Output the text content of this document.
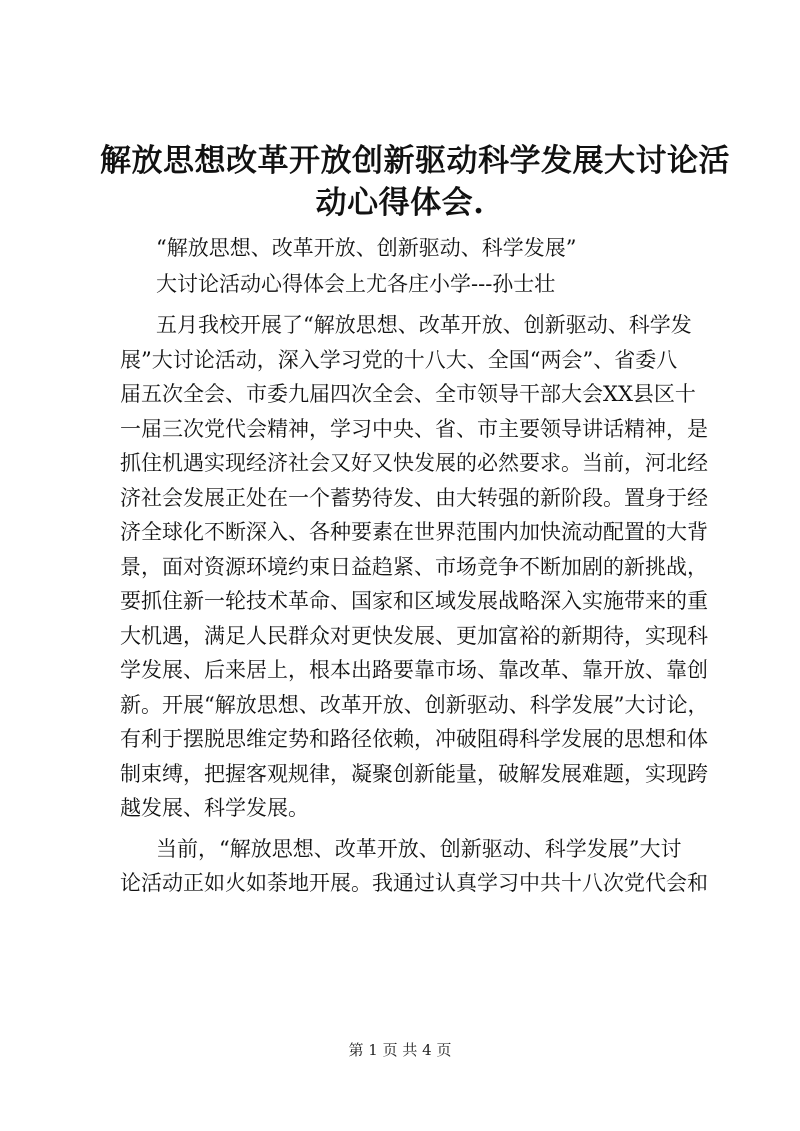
解放思想改革开放创新驱动科学发展大讨论活
动心得体会.
“解放思想、改革开放、创新驱动、科学发展”
大讨论活动心得体会上尤各庄小学---孙士壮
五月我校开展了“解放思想、改革开放、创新驱动、科学发
展”大讨论活动，深入学习党的十八大、全国“两会”、省委八
届五次全会、市委九届四次全会、全市领导干部大会XX县区十
一届三次党代会精神，学习中央、省、市主要领导讲话精神，是
抓住机遇实现经济社会又好又快发展的必然要求。当前，河北经
济社会发展正处在一个蓄势待发、由大转强的新阶段。置身于经
济全球化不断深入、各种要素在世界范围内加快流动配置的大背
景，面对资源环境约束日益趋紧、市场竞争不断加剧的新挑战，
要抓住新一轮技术革命、国家和区域发展战略深入实施带来的重
大机遇，满足人民群众对更快发展、更加富裕的新期待，实现科
学发展、后来居上，根本出路要靠市场、靠改革、靠开放、靠创
新。开展“解放思想、改革开放、创新驱动、科学发展”大讨论，
有利于摆脱思维定势和路径依赖，冲破阻碍科学发展的思想和体
制束缚，把握客观规律，凝聚创新能量，破解发展难题，实现跨
越发展、科学发展。
当前，“解放思想、改革开放、创新驱动、科学发展”大讨
论活动正如火如荼地开展。我通过认真学习中共十八次党代会和
第 1 页 共 4 页
